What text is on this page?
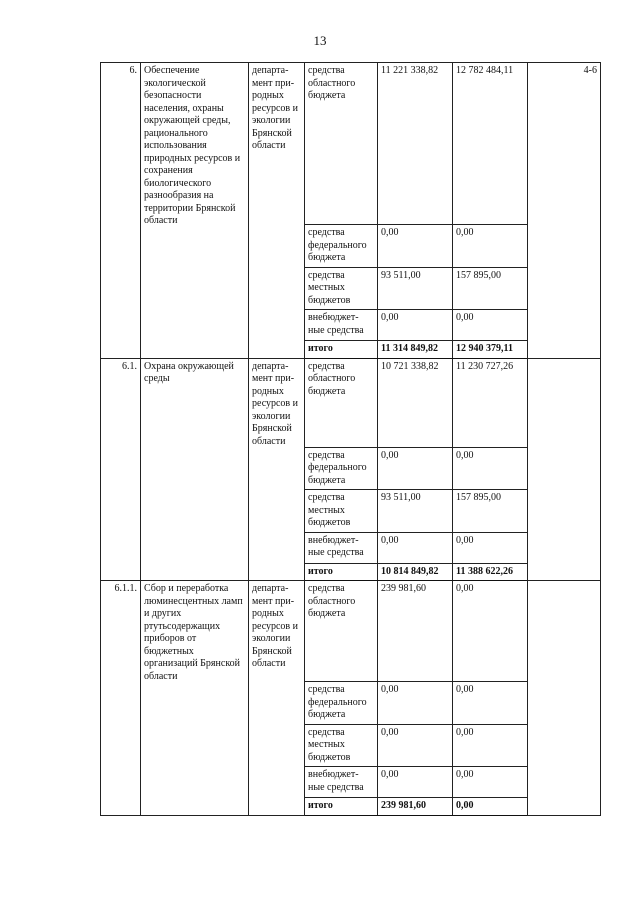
13
6.	Обеспечение экологической безопасности населения, охраны окружающей среды, рационального использования природных ресурсов и сохранения биологического разнообразия на территории Брянской области	департа-мент при-родных ресурсов и экологии Брянской области	средства областного бюджета	11 221 338,82	12 782 484,11	4-6
			средства федерального бюджета	0,00	0,00	
			средства местных бюджетов	93 511,00	157 895,00	
			внебюджет-ные средства	0,00	0,00	
			итого	11 314 849,82	12 940 379,11	
6.1.	Охрана окружающей среды	департа-мент при-родных ресурсов и экологии Брянской области	средства областного бюджета	10 721 338,82	11 230 727,26	
			средства федерального бюджета	0,00	0,00	
			средства местных бюджетов	93 511,00	157 895,00	
			внебюджет-ные средства	0,00	0,00	
			итого	10 814 849,82	11 388 622,26	
6.1.1.	Сбор и переработка люминесцентных ламп и других ртутьсодержащих приборов от бюджетных организаций Брянской области	департа-мент при-родных ресурсов и экологии Брянской области	средства областного бюджета	239 981,60	0,00	
			средства федерального бюджета	0,00	0,00	
			средства местных бюджетов	0,00	0,00	
			внебюджет-ные средства	0,00	0,00	
			итого	239 981,60	0,00	
